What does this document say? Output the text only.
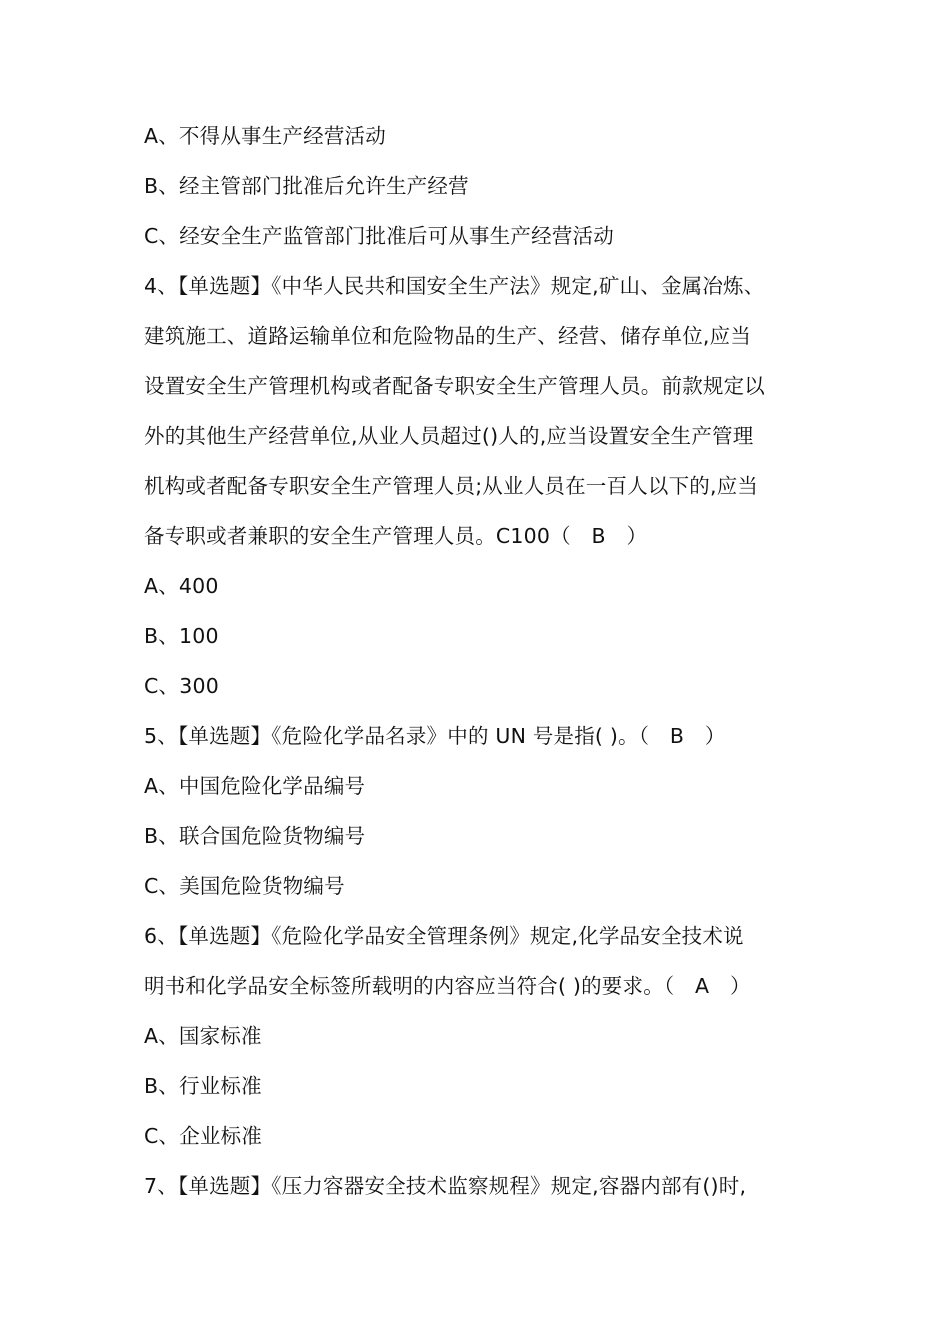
A、不得从事生产经营活动
B、经主管部门批准后允许生产经营
C、经安全生产监管部门批准后可从事生产经营活动
4、【单选题】《中华人民共和国安全生产法》规定,矿山、金属冶炼、
建筑施工、道路运输单位和危险物品的生产、经营、储存单位,应当
设置安全生产管理机构或者配备专职安全生产管理人员。前款规定以
外的其他生产经营单位,从业人员超过()人的,应当设置安全生产管理
机构或者配备专职安全生产管理人员;从业人员在一百人以下的,应当
备专职或者兼职的安全生产管理人员。C100（　B　）
A、400
B、100
C、300
5、【单选题】《危险化学品名录》中的 UN 号是指( )。（　B　）
A、中国危险化学品编号
B、联合国危险货物编号
C、美国危险货物编号
6、【单选题】《危险化学品安全管理条例》规定,化学品安全技术说
明书和化学品安全标签所载明的内容应当符合( )的要求。（　A　）
A、国家标准
B、行业标准
C、企业标准
7、【单选题】《压力容器安全技术监察规程》规定,容器内部有()时,
